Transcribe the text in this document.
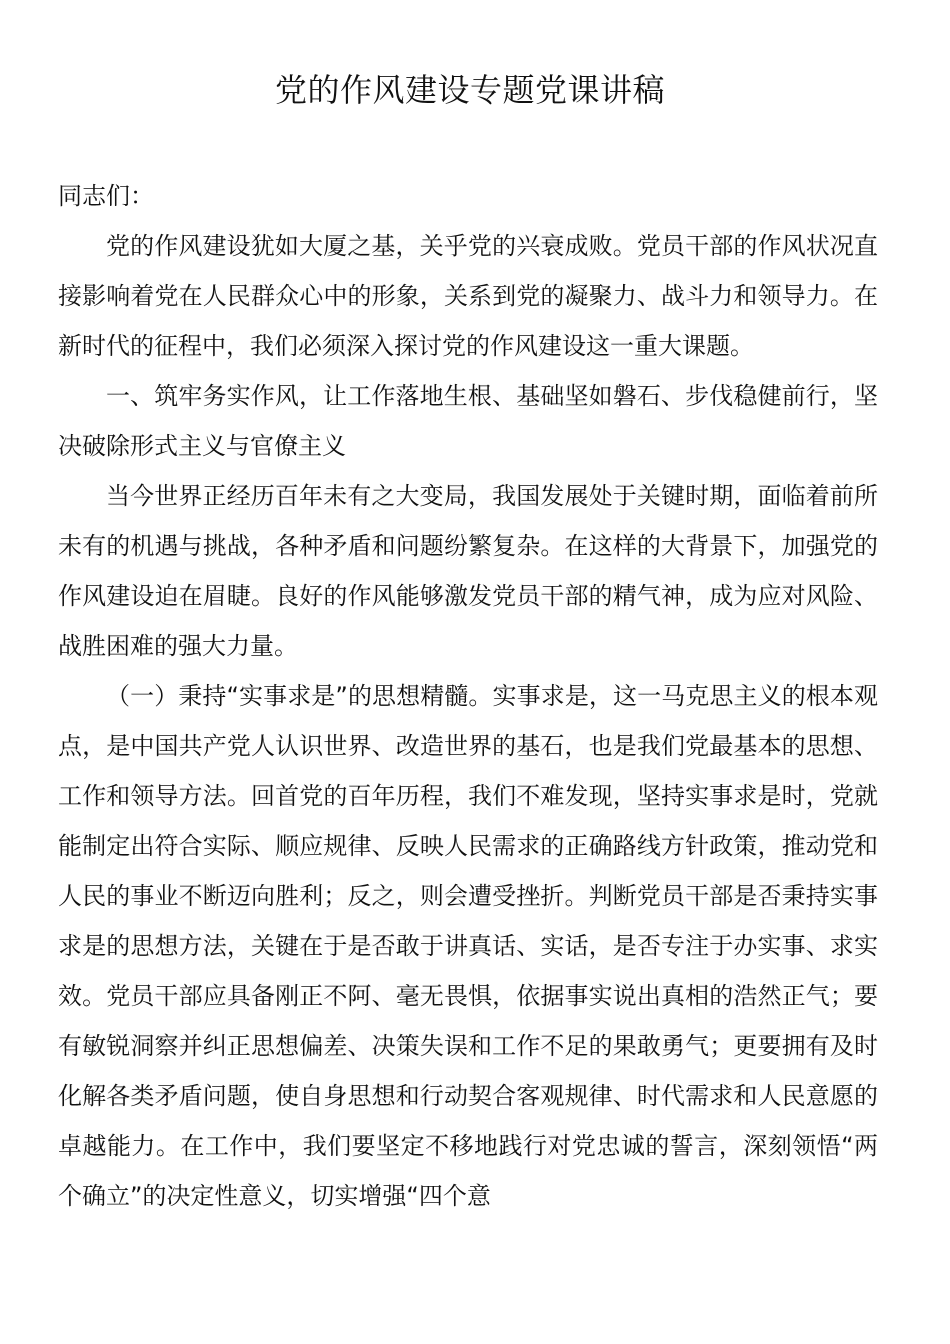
党的作风建设专题党课讲稿

同志们：

党的作风建设犹如大厦之基，关乎党的兴衰成败。党员干部的作风状况直接影响着党在人民群众心中的形象，关系到党的凝聚力、战斗力和领导力。在新时代的征程中，我们必须深入探讨党的作风建设这一重大课题。

一、筑牢务实作风，让工作落地生根、基础坚如磐石、步伐稳健前行，坚决破除形式主义与官僚主义

当今世界正经历百年未有之大变局，我国发展处于关键时期，面临着前所未有的机遇与挑战，各种矛盾和问题纷繁复杂。在这样的大背景下，加强党的作风建设迫在眉睫。良好的作风能够激发党员干部的精气神，成为应对风险、战胜困难的强大力量。

（一）秉持“实事求是”的思想精髓。实事求是，这一马克思主义的根本观点，是中国共产党人认识世界、改造世界的基石，也是我们党最基本的思想、工作和领导方法。回首党的百年历程，我们不难发现，坚持实事求是时，党就能制定出符合实际、顺应规律、反映人民需求的正确路线方针政策，推动党和人民的事业不断迈向胜利；反之，则会遭受挫折。判断党员干部是否秉持实事求是的思想方法，关键在于是否敢于讲真话、实话，是否专注于办实事、求实效。党员干部应具备刚正不阿、毫无畏惧，依据事实说出真相的浩然正气；要有敏锐洞察并纠正思想偏差、决策失误和工作不足的果敢勇气；更要拥有及时化解各类矛盾问题，使自身思想和行动契合客观规律、时代需求和人民意愿的卓越能力。在工作中，我们要坚定不移地践行对党忠诚的誓言，深刻领悟“两个确立”的决定性意义，切实增强“四个意
